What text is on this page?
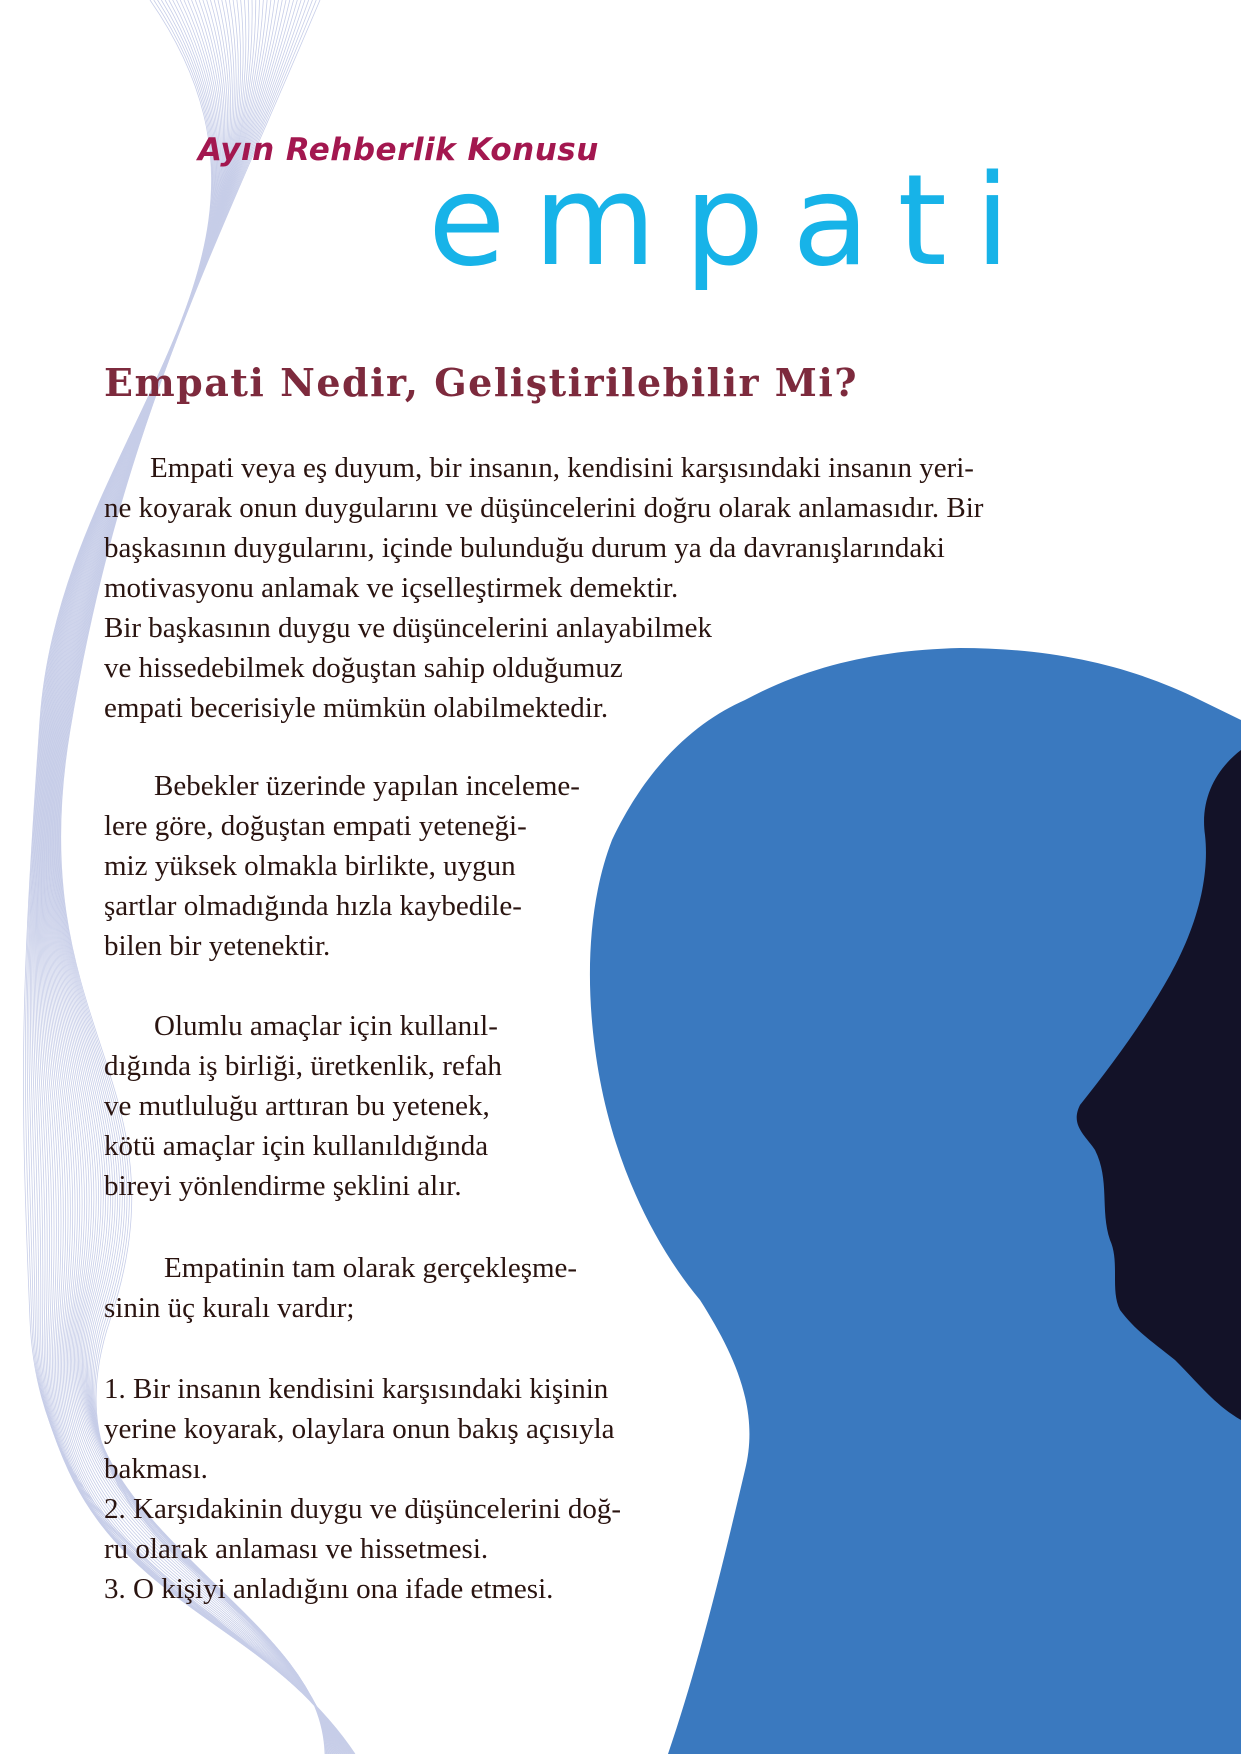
Ayın Rehberlik Konusu
empati
Empati Nedir, Geliştirilebilir Mi?
Empati veya eş duyum, bir insanın, kendisini karşısındaki insanın yeri-
ne koyarak onun duygularını ve düşüncelerini doğru olarak anlamasıdır. Bir
başkasının duygularını, içinde bulunduğu durum ya da davranışlarındaki
motivasyonu anlamak ve içselleştirmek demektir.
Bir başkasının duygu ve düşüncelerini anlayabilmek
ve hissedebilmek doğuştan sahip olduğumuz
empati becerisiyle mümkün olabilmektedir.
Bebekler üzerinde yapılan inceleme-
lere göre, doğuştan empati yeteneği-
miz yüksek olmakla birlikte, uygun
şartlar olmadığında hızla kaybedile-
bilen bir yetenektir.
Olumlu amaçlar için kullanıl-
dığında iş birliği, üretkenlik, refah
ve mutluluğu arttıran bu yetenek,
kötü amaçlar için kullanıldığında
bireyi yönlendirme şeklini alır.
Empatinin tam olarak gerçekleşme-
sinin üç kuralı vardır;
1. Bir insanın kendisini karşısındaki kişinin
yerine koyarak, olaylara onun bakış açısıyla
bakması.
2. Karşıdakinin duygu ve düşüncelerini doğ-
ru olarak anlaması ve hissetmesi.
3. O kişiyi anladığını ona ifade etmesi.
